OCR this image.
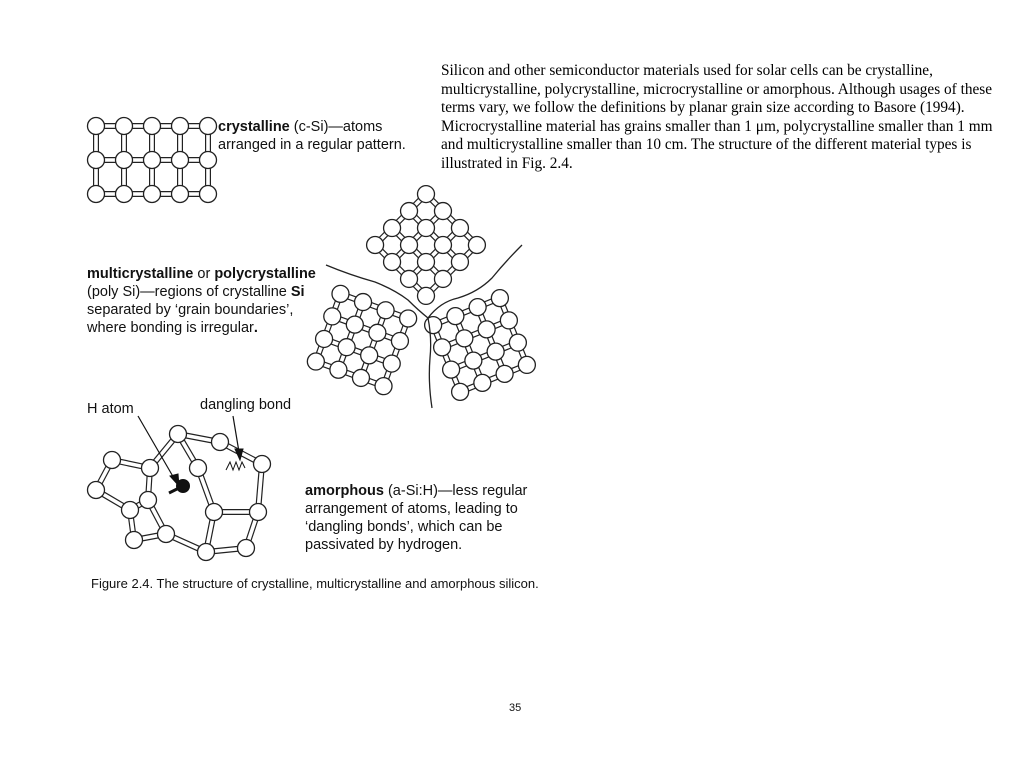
Silicon and other semiconductor materials used for solar cells can be crystalline, multicrystalline, polycrystalline, microcrystalline or amorphous. Although usages of these terms vary, we follow the definitions by planar grain size according to Basore (1994). Microcrystalline material has grains smaller than 1 μm, polycrystalline smaller than 1 mm and multicrystalline smaller than 10 cm. The structure of the different material types is illustrated in Fig. 2.4.
crystalline (c-Si)—atoms
arranged in a regular pattern.
multicrystalline or polycrystalline
(poly Si)—regions of crystalline Si
separated by ‘grain boundaries’,
where bonding is irregular.
H atom	dangling bond
amorphous (a-Si:H)—less regular
arrangement of atoms, leading to
‘dangling bonds’, which can be
passivated by hydrogen.
Figure 2.4. The structure of crystalline, multicrystalline and amorphous silicon.
35
